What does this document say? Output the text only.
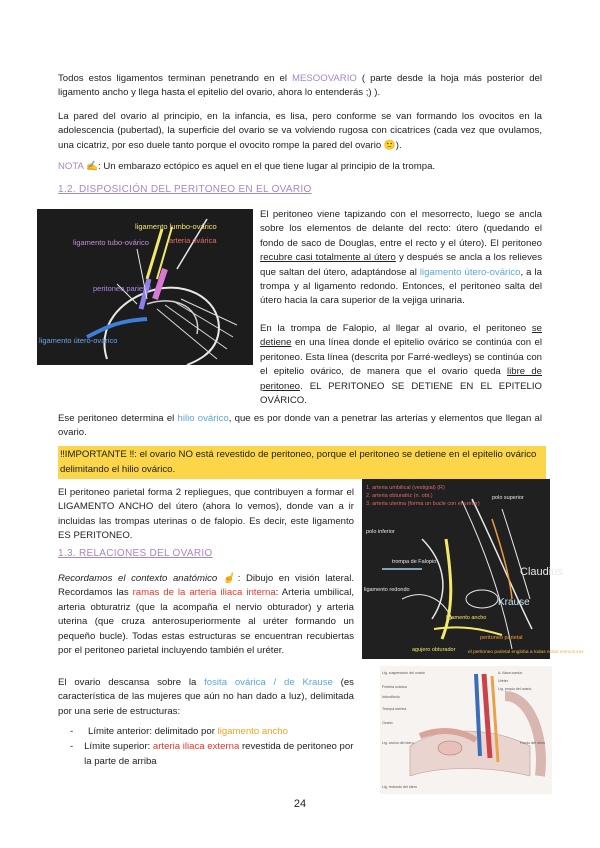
Todos estos ligamentos terminan penetrando en el MESOOVARIO ( parte desde la hoja más posterior del ligamento ancho y llega hasta el epitelio del ovario, ahora lo entenderás ;) ).
La pared del ovario al principio, en la infancia, es lisa, pero conforme se van formando los ovocitos en la adolescencia (pubertad), la superficie del ovario se va volviendo rugosa con cicatrices (cada vez que ovulamos, una cicatriz, por eso duele tanto porque el ovocito rompe la pared del ovario 🙁).
NOTA ✍: Un embarazo ectópico es aquel en el que tiene lugar al principio de la trompa.
1.2. DISPOSICIÓN DEL PERITONEO EN EL OVARIO
ligamento lumbo-ovárico
ligamento tubo-ovárico	arteria ovárica
peritoneo parietal
ligamento útero-ovárico
El peritoneo viene tapizando con el mesorrecto, luego se ancla sobre los elementos de delante del recto: útero (quedando el fondo de saco de Douglas, entre el recto y el útero). El peritoneo recubre casi totalmente al útero y después se ancla a los relieves que saltan del útero, adaptándose al ligamento útero-ovárico, a la trompa y al ligamento redondo. Entonces, el peritoneo salta del útero hacia la cara superior de la vejiga urinaria.
En la trompa de Falopio, al llegar al ovario, el peritoneo se detiene en una línea donde el epitelio ovárico se continúa con el peritoneo. Esta línea (descrita por Farré-wedleys) se continúa con el epitelio ovárico, de manera que el ovario queda libre de peritoneo. EL PERITONEO SE DETIENE EN EL EPITELIO OVÁRICO.
Ese peritoneo determina el hilio ovárico, que es por donde van a penetrar las arterias y elementos que llegan al ovario.
‼IMPORTANTE ‼: el ovario NO está revestido de peritoneo, porque el peritoneo se detiene en el epitelio ovárico delimitando el hilio ovárico.
El peritoneo parietal forma 2 repliegues, que contribuyen a formar el LIGAMENTO ANCHO del útero (ahora lo vemos), donde van a ir incluidas las trompas uterinas o de falopio. Es decir, este ligamento ES PERITONEO.
1.3. RELACIONES DEL OVARIO
Recordamos el contexto anatómico ☝: Dibujo en visión lateral. Recordamos las ramas de la arteria iliaca interna: Arteria umbilical, arteria obturatriz (que la acompaña el nervio obturador) y arteria uterina (que cruza anterosuperiormente al uréter formando un pequeño bucle). Todas estas estructuras se encuentran recubiertas por el peritoneo parietal incluyendo también el uréter.
1. arteria umbilical (vestigial) (R)
2. arteria obturatriz (n. obt.)
3. arteria uterina (forma un bucle con el uréter)
polo superior
polo inferior
trompa de Falopio
ligamento redondo
ligamento ancho
agujero obturador
peritoneo parietal
Claudius
Krause
el peritoneo parietal engloba a todas estas estructuras
El ovario descansa sobre la fosita ovárica / de Krause (es característica de las mujeres que aún no han dado a luz), delimitada por una serie de estructuras:
Lig. suspensorio del ovario	A. iliaca común
Uréter
Fimbria ovárica	Lig. propio del ovario
Infundíbulo
Trompa uterina
Ovario
Fondo del útero
Lig. ancho del útero
Lig. redondo del útero
-	Límite anterior: delimitado por ligamento ancho
-	Límite superior: arteria iliaca externa revestida de peritoneo por la parte de arriba
24
